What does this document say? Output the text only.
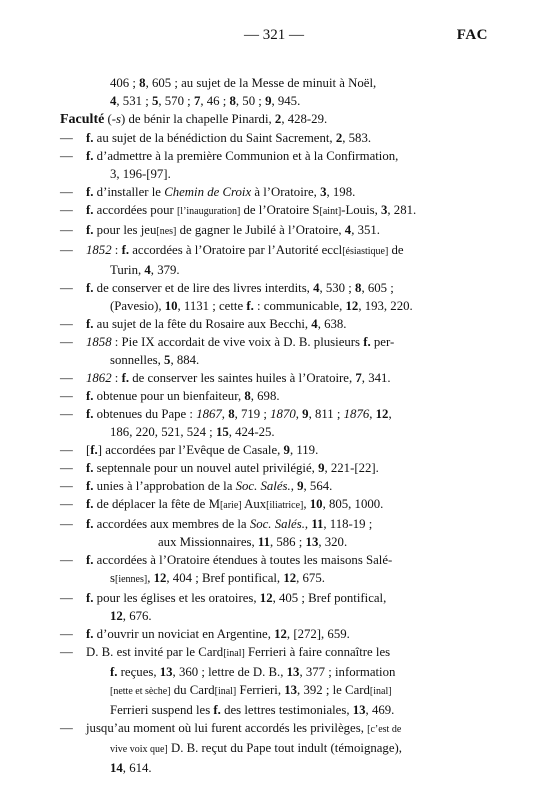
— 321 —	FAC
406 ; 8, 605 ; au sujet de la Messe de minuit à Noël,
4, 531 ; 5, 570 ; 7, 46 ; 8, 50 ; 9, 945.
Faculté (-s) de bénir la chapelle Pinardi, 2, 428-29.
— f. au sujet de la bénédiction du Saint Sacrement, 2, 583.
— f. d’admettre à la première Communion et à la Confirmation,
3, 196-[97].
— f. d’installer le Chemin de Croix à l’Oratoire, 3, 198.
— f. accordées pour [l’inauguration] de l’Oratoire S[aint]-Louis, 3, 281.
— f. pour les jeu[nes] de gagner le Jubilé à l’Oratoire, 4, 351.
— 1852 : f. accordées à l’Oratoire par l’Autorité eccl[ésiastique] de
Turin, 4, 379.
— f. de conserver et de lire des livres interdits, 4, 530 ; 8, 605 ;
(Pavesio), 10, 1131 ; cette f. : communicable, 12, 193, 220.
— f. au sujet de la fête du Rosaire aux Becchi, 4, 638.
— 1858 : Pie IX accordait de vive voix à D. B. plusieurs f. per-
sonnelles, 5, 884.
— 1862 : f. de conserver les saintes huiles à l’Oratoire, 7, 341.
— f. obtenue pour un bienfaiteur, 8, 698.
— f. obtenues du Pape : 1867, 8, 719 ; 1870, 9, 811 ; 1876, 12,
186, 220, 521, 524 ; 15, 424-25.
— [f.] accordées par l’Evêque de Casale, 9, 119.
— f. septennale pour un nouvel autel privilégié, 9, 221-[22].
— f. unies à l’approbation de la Soc. Salés., 9, 564.
— f. de déplacer la fête de M[arie] Aux[iliatrice], 10, 805, 1000.
— f. accordées aux membres de la Soc. Salés., 11, 118-19 ;
aux Missionnaires, 11, 586 ; 13, 320.
— f. accordées à l’Oratoire étendues à toutes les maisons Salé-
s[iennes], 12, 404 ; Bref pontifical, 12, 675.
— f. pour les églises et les oratoires, 12, 405 ; Bref pontifical,
12, 676.
— f. d’ouvrir un noviciat en Argentine, 12, [272], 659.
— D. B. est invité par le Card[inal] Ferrieri à faire connaître les
f. reçues, 13, 360 ; lettre de D. B., 13, 377 ; information
[nette et sèche] du Card[inal] Ferrieri, 13, 392 ; le Card[inal]
Ferrieri suspend les f. des lettres testimoniales, 13, 469.
— jusqu’au moment où lui furent accordés les privilèges, [c’est de
vive voix que] D. B. reçut du Pape tout indult (témoignage),
14, 614.
